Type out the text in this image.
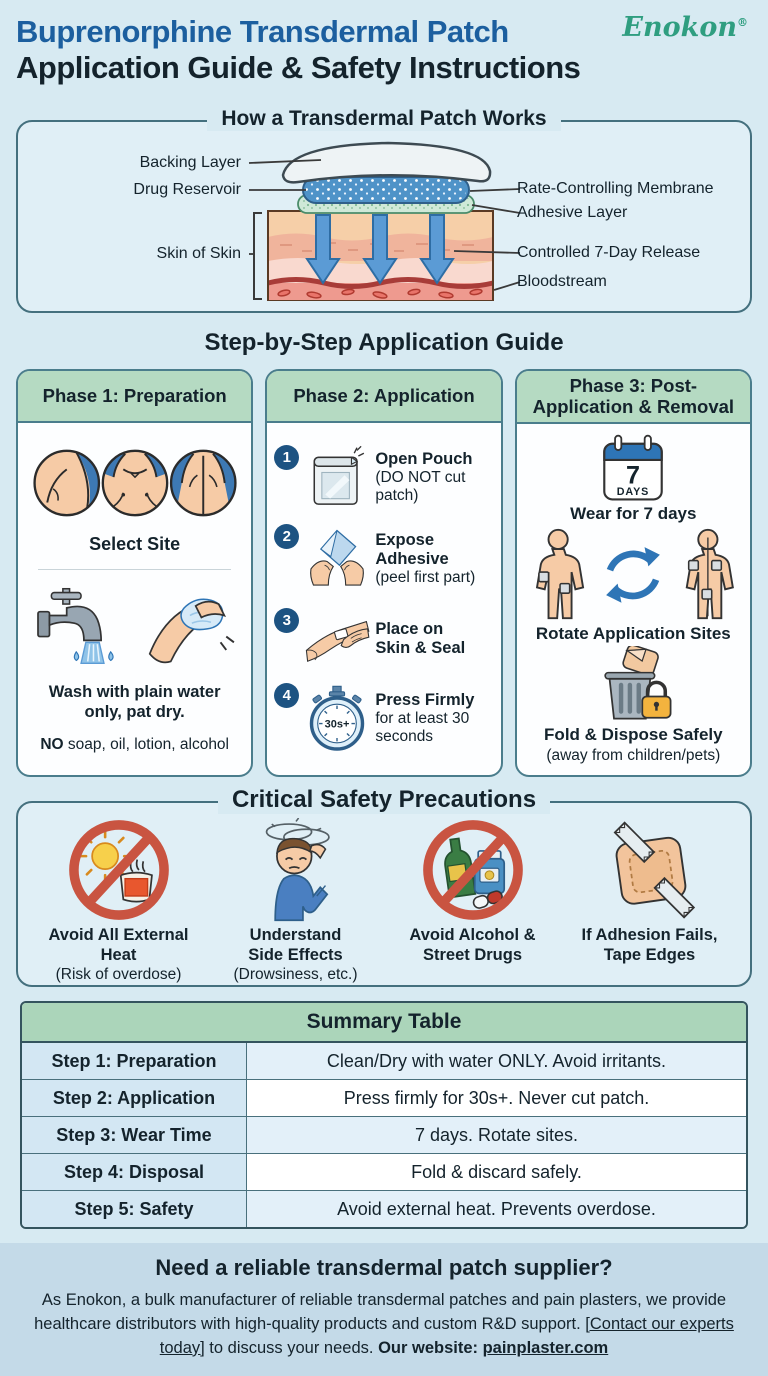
Buprenorphine Transdermal Patch
Application Guide & Safety Instructions
Enokon®
How a Transdermal Patch Works
Backing Layer
Drug Reservoir
Skin of Skin
Rate-Controlling Membrane
Adhesive Layer
Controlled 7-Day Release
Bloodstream
Step-by-Step Application Guide
Phase 1: Preparation
Select Site
Wash with plain water only, pat dry.
NO soap, oil, lotion, alcohol
Phase 2: Application
1	Open Pouch
(DO NOT cut patch)
2	Expose Adhesive
(peel first part)
3	Place on Skin & Seal
4
30s+
Press Firmly
for at least 30 seconds
Phase 3: Post-Application & Removal
7
DAYS
Wear for 7 days
Rotate Application Sites
Fold & Dispose Safely
(away from children/pets)
Critical Safety Precautions
Avoid All External Heat
(Risk of overdose)
Understand Side Effects
(Drowsiness, etc.)
Avoid Alcohol & Street Drugs
If Adhesion Fails, Tape Edges
Summary Table
Step 1: Preparation	Clean/Dry with water ONLY. Avoid irritants.
Step 2: Application	Press firmly for 30s+. Never cut patch.
Step 3: Wear Time	7 days. Rotate sites.
Step 4: Disposal	Fold & discard safely.
Step 5: Safety	Avoid external heat. Prevents overdose.
Need a reliable transdermal patch supplier?

As Enokon, a bulk manufacturer of reliable transdermal patches and pain plasters, we provide healthcare distributors with high-quality products and custom R&D support. [Contact our experts today] to discuss your needs. Our website: painplaster.com
